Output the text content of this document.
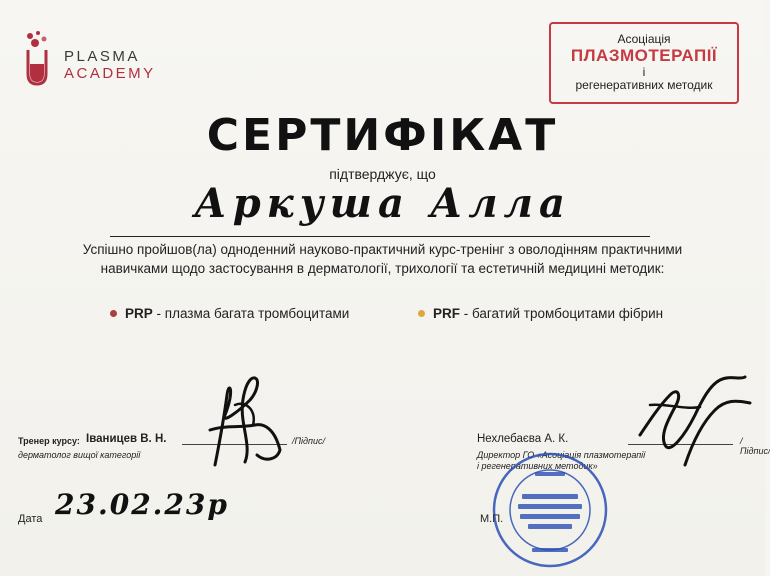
PLASMA
ACADEMY
Асоціація
ПЛАЗМОТЕРАПІЇ
і
регенеративних методик
СЕРТИФІКАТ
підтверджує, що
Аркуша Алла
Успішно пройшов(ла) одноденний науково-практичний курс-тренінг з оволодінням практичними навичками щодо застосування в дерматології, трихології та естетичній медицині методик:
PRP - плазма багата тромбоцитами	PRF - багатий тромбоцитами фібрин
Тренер курсу: Іваницев В. Н.	/Підпис/
дерматолог вищої категорії
Нехлебаєва А. К.	/Підпис/
Директор ГО «Асоціація плазмотерапії і регенеративних методик»
Дата 23.02.23р	М.П.
